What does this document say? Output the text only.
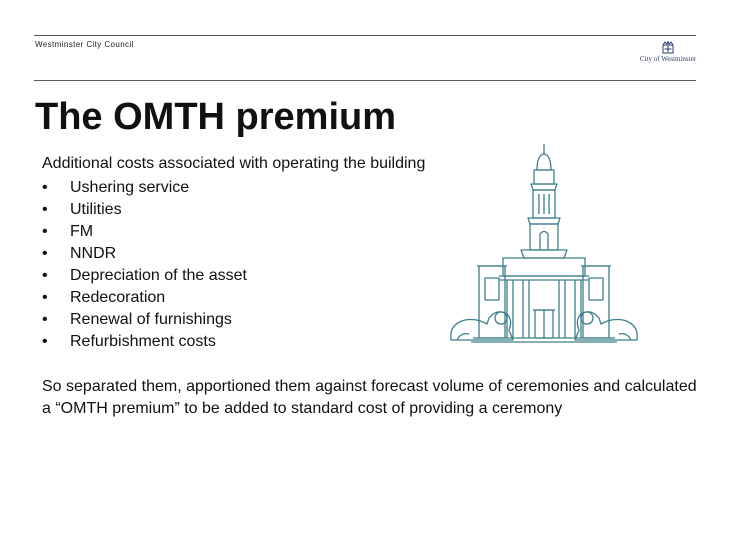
Westminster City Council
City of Westminster
The OMTH premium
Additional costs associated with operating the building
•	Ushering service
•	Utilities
•	FM
•	NNDR
•	Depreciation of the asset
•	Redecoration
•	Renewal of furnishings
•	Refurbishment costs

So separated them, apportioned them against forecast volume of ceremonies and calculated a “OMTH premium” to be added to standard cost of providing a ceremony
